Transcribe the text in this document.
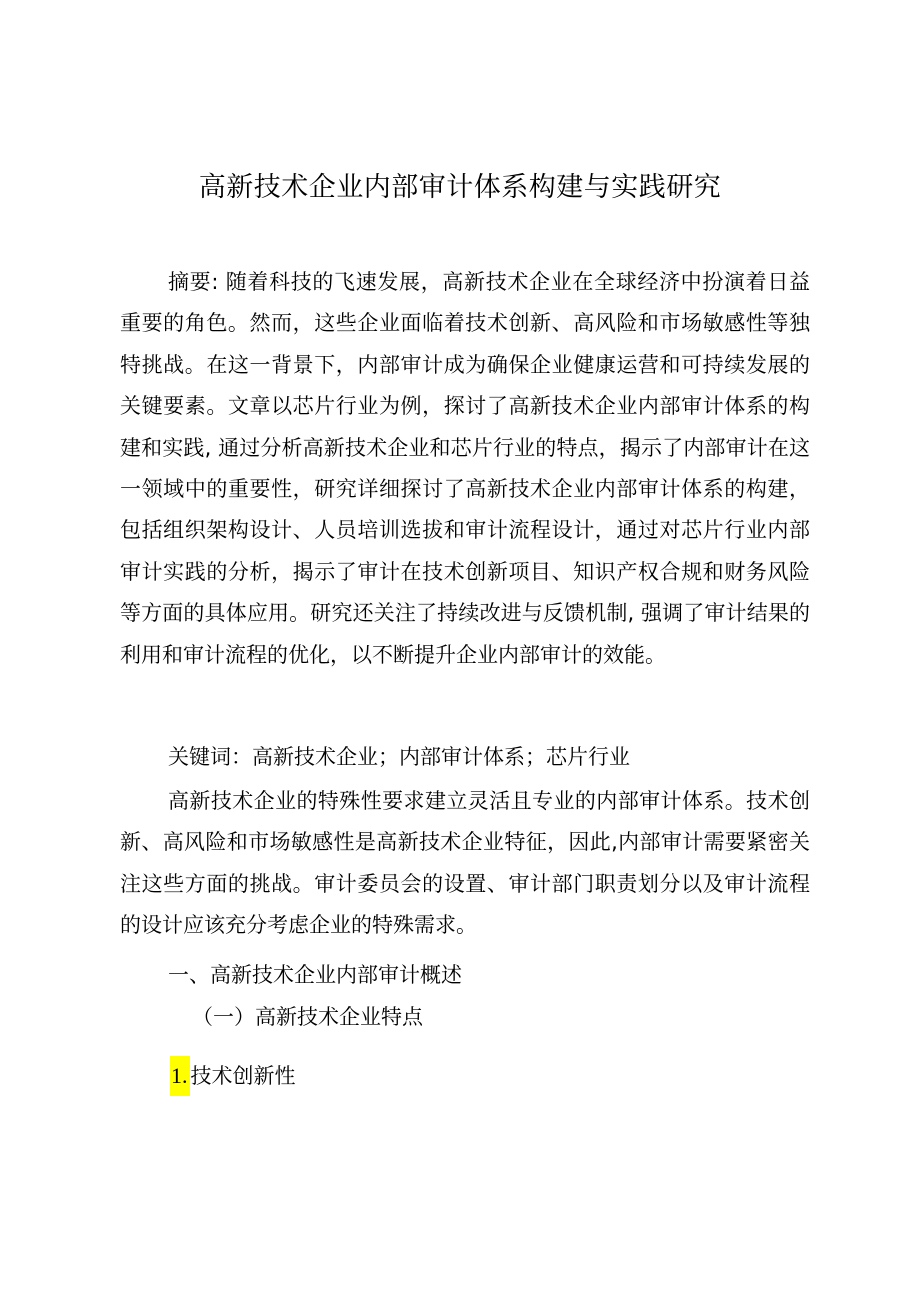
高新技术企业内部审计体系构建与实践研究

摘要: 随着科技的飞速发展，高新技术企业在全球经济中扮演着日益重要的角色。然而，这些企业面临着技术创新、高风险和市场敏感性等独特挑战。在这一背景下，内部审计成为确保企业健康运营和可持续发展的关键要素。文章以芯片行业为例，探讨了高新技术企业内部审计体系的构建和实践, 通过分析高新技术企业和芯片行业的特点，揭示了内部审计在这一领域中的重要性，研究详细探讨了高新技术企业内部审计体系的构建，包括组织架构设计、人员培训选拔和审计流程设计，通过对芯片行业内部审计实践的分析，揭示了审计在技术创新项目、知识产权合规和财务风险等方面的具体应用。研究还关注了持续改进与反馈机制, 强调了审计结果的利用和审计流程的优化，以不断提升企业内部审计的效能。

关键词：高新技术企业；内部审计体系；芯片行业

高新技术企业的特殊性要求建立灵活且专业的内部审计体系。技术创新、高风险和市场敏感性是高新技术企业特征，因此,内部审计需要紧密关注这些方面的挑战。审计委员会的设置、审计部门职责划分以及审计流程的设计应该充分考虑企业的特殊需求。

一、高新技术企业内部审计概述
（一）高新技术企业特点
1. 技术创新性
